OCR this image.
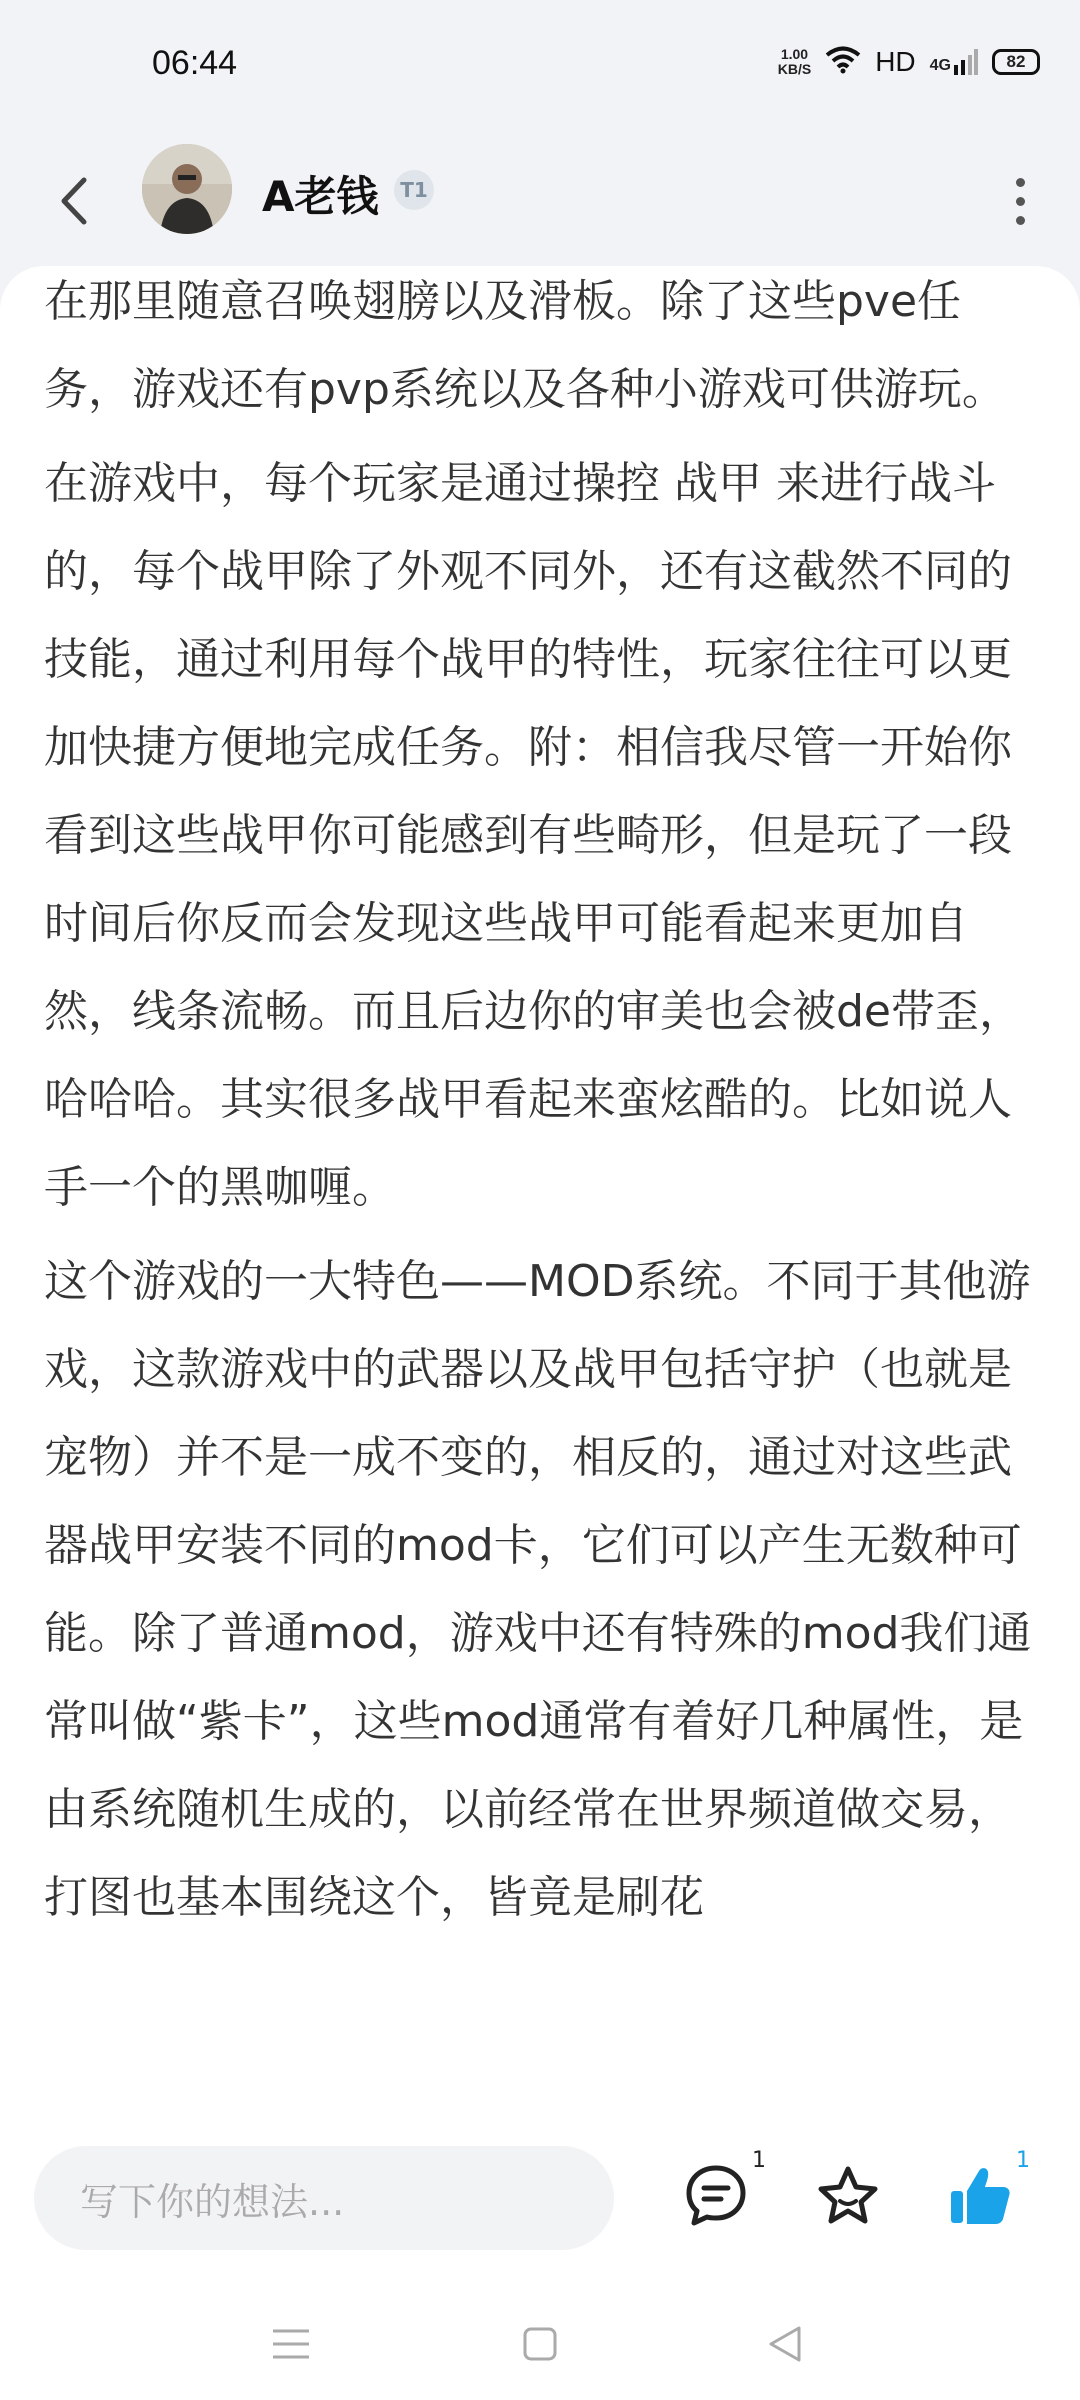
06:44	1.00
KB/S HD 4G	82
A老钱	T1

在那里随意召唤翅膀以及滑板。除了这些pve任务，游戏还有pvp系统以及各种小游戏可供游玩。

在游戏中，每个玩家是通过操控 战甲 来进行战斗的，每个战甲除了外观不同外，还有这截然不同的技能，通过利用每个战甲的特性，玩家往往可以更加快捷方便地完成任务。附：相信我尽管一开始你看到这些战甲你可能感到有些畸形，但是玩了一段时间后你反而会发现这些战甲可能看起来更加自然，线条流畅。而且后边你的审美也会被de带歪，哈哈哈。其实很多战甲看起来蛮炫酷的。比如说人手一个的黑咖喱。

这个游戏的一大特色——MOD系统。不同于其他游戏，这款游戏中的武器以及战甲包括守护（也就是宠物）并不是一成不变的，相反的，通过对这些武器战甲安装不同的mod卡，它们可以产生无数种可能。除了普通mod，游戏中还有特殊的mod我们通常叫做“紫卡”，这些mod通常有着好几种属性，是由系统随机生成的，以前经常在世界频道做交易，打图也基本围绕这个，皆竟是刷花

写下你的想法...
1	1
